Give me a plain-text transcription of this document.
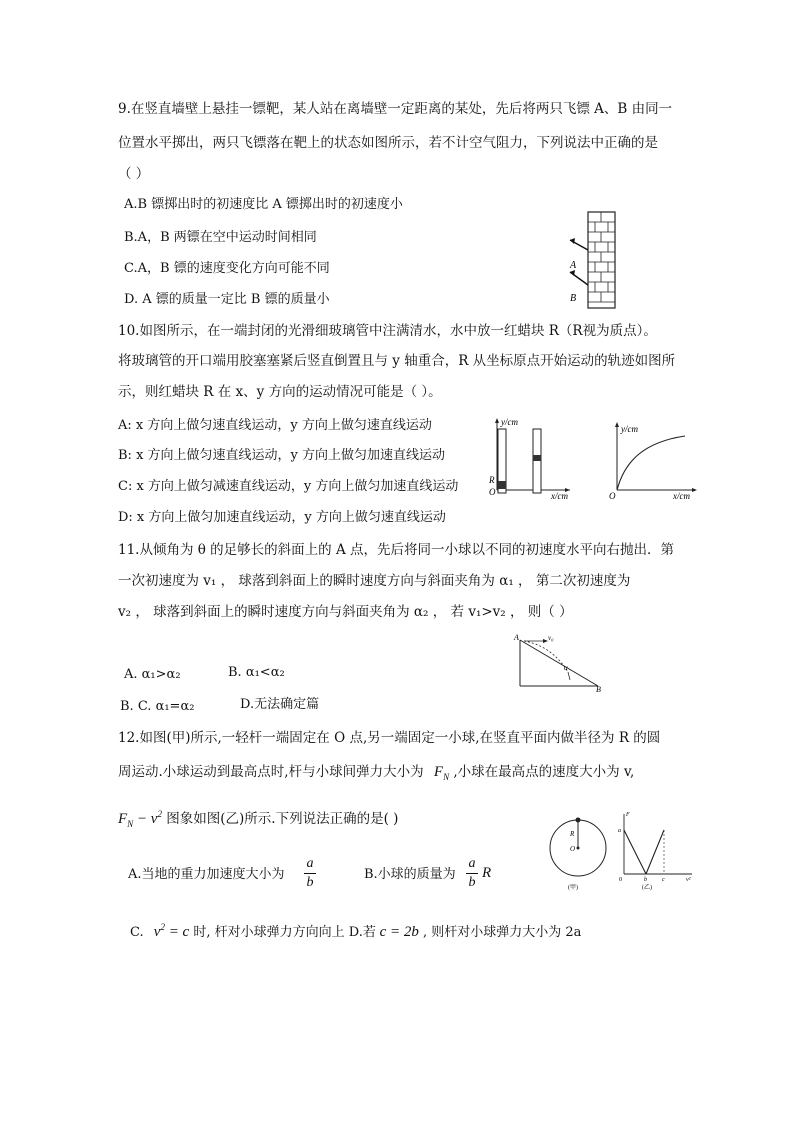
9.在竖直墙壁上悬挂一镖靶，某人站在离墙壁一定距离的某处，先后将两只飞镖 A、B 由同一
位置水平掷出，两只飞镖落在靶上的状态如图所示，若不计空气阻力，下列说法中正确的是
（ ）
A.B 镖掷出时的初速度比 A 镖掷出时的初速度小
B.A，B 两镖在空中运动时间相同
C.A，B 镖的速度变化方向可能不同
D. A 镖的质量一定比 B 镖的质量小
A
B
10.如图所示，在一端封闭的光滑细玻璃管中注满清水，水中放一红蜡块 R（R视为质点）。
将玻璃管的开口端用胶塞塞紧后竖直倒置且与 y 轴重合，R 从坐标原点开始运动的轨迹如图所
示，则红蜡块 R 在 x、y 方向的运动情况可能是（ ）。
A: x 方向上做匀速直线运动，y 方向上做匀速直线运动
B: x 方向上做匀速直线运动，y 方向上做匀加速直线运动
C: x 方向上做匀减速直线运动，y 方向上做匀加速直线运动
D: x 方向上做匀加速直线运动，y 方向上做匀速直线运动
y/cm
x/cm
R
O
y/cm
x/cm
O
11.从倾角为 θ 的足够长的斜面上的 A 点，先后将同一小球以不同的初速度水平向右抛出．第
一次初速度为 v₁ ， 球落到斜面上的瞬时速度方向与斜面夹角为 α₁ ， 第二次初速度为
v₂ ， 球落到斜面上的瞬时速度方向与斜面夹角为 α₂ ， 若 v₁>v₂ ， 则（ ）
A. α₁>α₂	B. α₁<α₂
B. C. α₁=α₂	D.无法确定篇
A
B
v₀
α
12.如图(甲)所示,一轻杆一端固定在 O 点,另一端固定一小球,在竖直平面内做半径为 R 的圆
周运动.小球运动到最高点时,杆与小球间弹力大小为 $F_N$ ,小球在最高点的速度大小为 v,
$F_N - v^2$ 图象如图(乙)所示.下列说法正确的是( )
A.当地的重力加速度大小为
a
b
B.小球的质量为
a
b
R
C. $v^2 = c$ 时, 杆对小球弹力方向向上 D.若 c = 2b , 则杆对小球弹力大小为 2a
R
O
(甲)
F
a
0	b	c	v²
(乙)
